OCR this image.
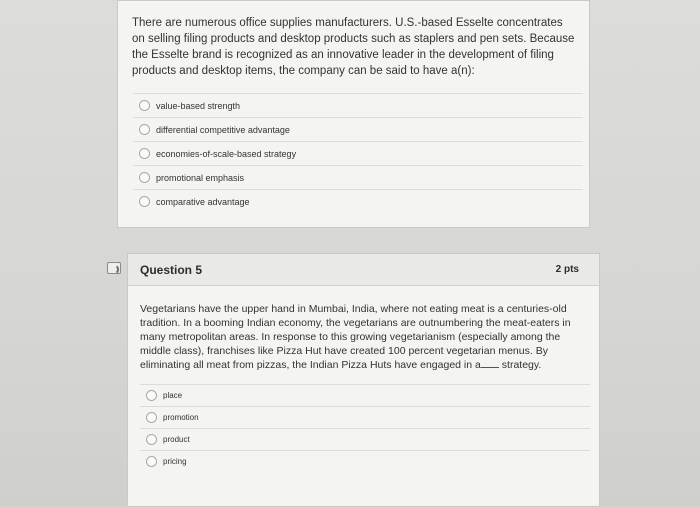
There are numerous office supplies manufacturers. U.S.-based Esselte concentrates on selling filing products and desktop products such as staplers and pen sets. Because the Esselte brand is recognized as an innovative leader in the development of filing products and desktop items, the company can be said to have a(n):
value-based strength
differential competitive advantage
economies-of-scale-based strategy
promotional emphasis
comparative advantage
Question 5	2 pts
Vegetarians have the upper hand in Mumbai, India, where not eating meat is a centuries-old tradition. In a booming Indian economy, the vegetarians are outnumbering the meat-eaters in many metropolitan areas. In response to this growing vegetarianism (especially among the middle class), franchises like Pizza Hut have created 100 percent vegetarian menus. By eliminating all meat from pizzas, the Indian Pizza Huts have engaged in a strategy.
place
promotion
product
pricing
